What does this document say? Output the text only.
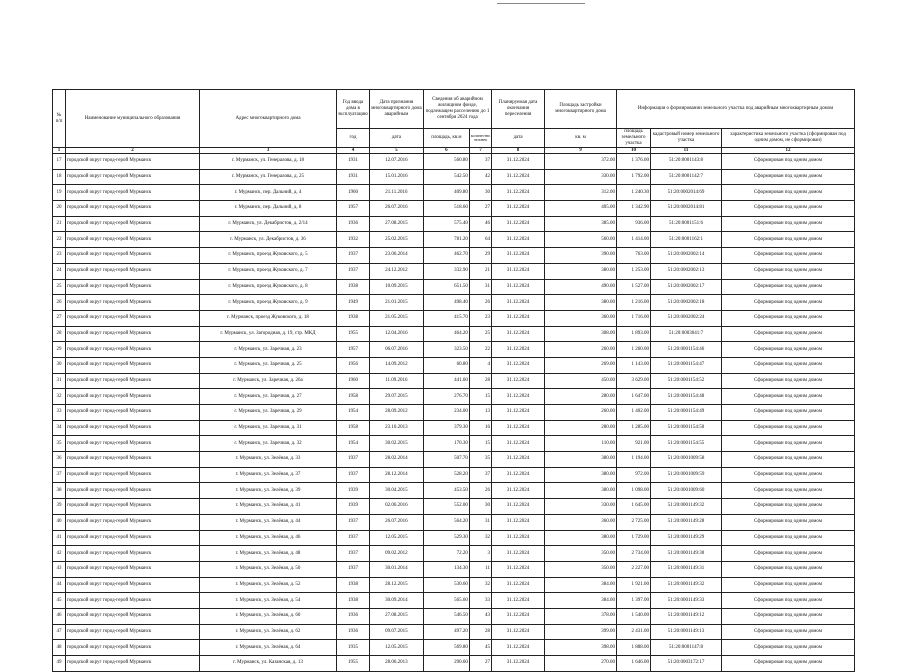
№ п/п	Наименование муниципального образования	Адрес многоквартирного дома	Год ввода дома в эксплуатацию	Дата признания многоквартирного дома аварийным	Сведения об аварийном жилищном фонде, подлежащем расселению до 1 сентября 2024 года		Планируемая дата окончания переселения	Площадь застройки многоквартирного дома	Информация о формировании земельного участка под аварийным многоквартирным домом		
			год	дата	площадь, кв.м	количество человек	дата	кв. м	площадь земельного участка	кадастровый номер земельного участка	характеристика земельного участка (сформирован под одним домом, не сформирован)
1	2	3	4	5	6	7	8	9	10	11	12
17	городской округ город-герой Мурманск	г. Мурманск, ул. Генералова, д. 18	1931	12.07.2016	560.80	37	31.12.2024	372.00	1 376.00	51:20:0001143:8	Сформирован под одним домом
18	городской округ город-герой Мурманск	г. Мурманск, ул. Генералова, д. 25	1931	15.01.2016	542.50	42	31.12.2024	330.00	1 792.00	51:20:0001142:7	Сформирован под одним домом
19	городской округ город-герой Мурманск	г. Мурманск, пер. Дальний, д. 4	1960	21.11.2016	409.80	30	31.12.2024	312.00	1 240.30	51:20:0002014:69	Сформирован под одним домом
20	городской округ город-герой Мурманск	г. Мурманск, пер. Дальний, д. 8	1957	26.07.2016	518.60	27	31.12.2024	405.00	1 342.90	51:20:0002014:81	Сформирован под одним домом
21	городской округ город-герой Мурманск	г. Мурманск, ул. Декабристов, д. 2/14	1936	27.08.2015	575.40	46	31.12.2024	385.00	936.00	51:20:0001151:6	Сформирован под одним домом
22	городской округ город-герой Мурманск	г. Мурманск, ул. Декабристов, д. 36	1932	25.02.2015	781.20	64	31.12.2024	560.00	1 414.00	51:20:0001162:1	Сформирован под одним домом
23	городской округ город-герой Мурманск	г. Мурманск, проезд Жуковского, д. 5	1937	23.06.2014	462.70	29	31.12.2024	390.00	763.00	51:20:0002002:14	Сформирован под одним домом
24	городской округ город-герой Мурманск	г. Мурманск, проезд Жуковского, д. 7	1937	24.12.2012	332.90	21	31.12.2024	380.00	1 253.00	51:20:0002002:13	Сформирован под одним домом
25	городской округ город-герой Мурманск	г. Мурманск, проезд Жуковского, д. 8	1938	10.09.2015	651.50	31	31.12.2024	490.00	1 527.00	51:20:0002002:17	Сформирован под одним домом
26	городской округ город-герой Мурманск	г. Мурманск, проезд Жуковского, д. 9	1949	21.01.2015	498.40	26	31.12.2024	380.00	1 216.00	51:20:0002002:18	Сформирован под одним домом
27	городской округ город-герой Мурманск	г. Мурманск, проезд Жуковского, д. 18	1938	21.05.2015	415.70	23	31.12.2024	360.00	1 716.00	51:20:0002002:24	Сформирован под одним домом
28	городской округ город-герой Мурманск	г. Мурманск, ул. Загородная, д. 19, стр. МКД	1955	12.04.2016	464.20	25	31.12.2024	308.00	1 893.00	51:20:0003041:7	Сформирован под одним домом
29	городской округ город-герой Мурманск	г. Мурманск, ул. Заречная, д. 23	1957	06.07.2016	323.50	22	31.12.2024	260.00	1 260.00	51:20:0001154:46	Сформирован под одним домом
30	городской округ город-герой Мурманск	г. Мурманск, ул. Заречная, д. 25	1956	14.09.2012	60.80	4	31.12.2024	269.00	1 143.00	51:20:0001154:47	Сформирован под одним домом
31	городской округ город-герой Мурманск	г. Мурманск, ул. Заречная, д. 26а	1960	11.09.2016	441.60	28	31.12.2024	450.00	3 629.00	51:20:0001154:52	Сформирован под одним домом
32	городской округ город-герой Мурманск	г. Мурманск, ул. Заречная, д. 27	1958	29.07.2015	276.70	15	31.12.2024	280.00	1 647.00	51:20:0001154:48	Сформирован под одним домом
33	городской округ город-герой Мурманск	г. Мурманск, ул. Заречная, д. 29	1954	28.09.2012	234.00	13	31.12.2024	260.00	1 402.00	51:20:0001154:49	Сформирован под одним домом
34	городской округ город-герой Мурманск	г. Мурманск, ул. Заречная, д. 31	1958	23.10.2013	379.30	16	31.12.2024	280.00	1 285.00	51:20:0001154:50	Сформирован под одним домом
35	городской округ город-герой Мурманск	г. Мурманск, ул. Заречная, д. 32	1954	30.02.2015	170.30	15	31.12.2024	110.00	921.00	51:20:0001154:55	Сформирован под одним домом
36	городской округ город-герой Мурманск	г. Мурманск, ул. Зелёная, д. 33	1937	28.02.2014	507.70	35	31.12.2024	380.00	1 194.00	51:20:0001009:58	Сформирован под одним домом
37	городской округ город-герой Мурманск	г. Мурманск, ул. Зелёная, д. 37	1937	28.12.2014	528.20	37	31.12.2024	380.00	972.00	51:20:0001009:59	Сформирован под одним домом
38	городской округ город-герой Мурманск	г. Мурманск, ул. Зелёная, д. 39	1939	30.04.2015	453.50	26	31.12.2024	380.00	1 098.00	51:20:0001009:60	Сформирован под одним домом
39	городской округ город-герой Мурманск	г. Мурманск, ул. Зелёная, д. 41	1939	02.06.2016	552.00	30	31.12.2024	330.00	1 645.00	51:20:0001149:32	Сформирован под одним домом
40	городской округ город-герой Мурманск	г. Мурманск, ул. Зелёная, д. 44	1937	26.07.2016	564.20	31	31.12.2024	360.00	2 725.00	51:20:0001149:28	Сформирован под одним домом
41	городской округ город-герой Мурманск	г. Мурманск, ул. Зелёная, д. 46	1937	12.05.2015	529.30	32	31.12.2024	380.00	1 729.00	51:20:0001149:29	Сформирован под одним домом
42	городской округ город-герой Мурманск	г. Мурманск, ул. Зелёная, д. 48	1937	09.02.2012	72.20	3	31.12.2024	350.00	2 734.00	51:20:0001149:30	Сформирован под одним домом
43	городской округ город-герой Мурманск	г. Мурманск, ул. Зелёная, д. 50	1937	30.01.2014	134.30	11	31.12.2024	350.00	2 227.00	51:20:0001149:31	Сформирован под одним домом
44	городской округ город-герой Мурманск	г. Мурманск, ул. Зелёная, д. 52	1938	28.12.2015	530.60	32	31.12.2024	384.00	1 921.00	51:20:0001149:32	Сформирован под одним домом
45	городской округ город-герой Мурманск	г. Мурманск, ул. Зелёная, д. 54	1938	30.09.2014	565.60	33	31.12.2024	384.00	1 397.00	51:20:0001149:33	Сформирован под одним домом
46	городской округ город-герой Мурманск	г. Мурманск, ул. Зелёная, д. 60	1936	27.08.2015	546.50	43	31.12.2024	378.00	1 540.00	51:20:0001149:12	Сформирован под одним домом
47	городской округ город-герой Мурманск	г. Мурманск, ул. Зелёная, д. 62	1936	09.07.2015	497.20	28	31.12.2024	399.00	2 431.00	51:20:0001149:13	Сформирован под одним домом
48	городской округ город-герой Мурманск	г. Мурманск, ул. Зелёная, д. 64	1935	12.05.2015	569.80	45	31.12.2024	398.00	1 888.00	51:20:0001147:8	Сформирован под одним домом
49	городской округ город-герой Мурманск	г. Мурманск, ул. Казанская, д. 13	1955	28.06.2013	290.60	27	31.12.2024	270.00	1 646.00	51:20:0003172:17	Сформирован под одним домом
